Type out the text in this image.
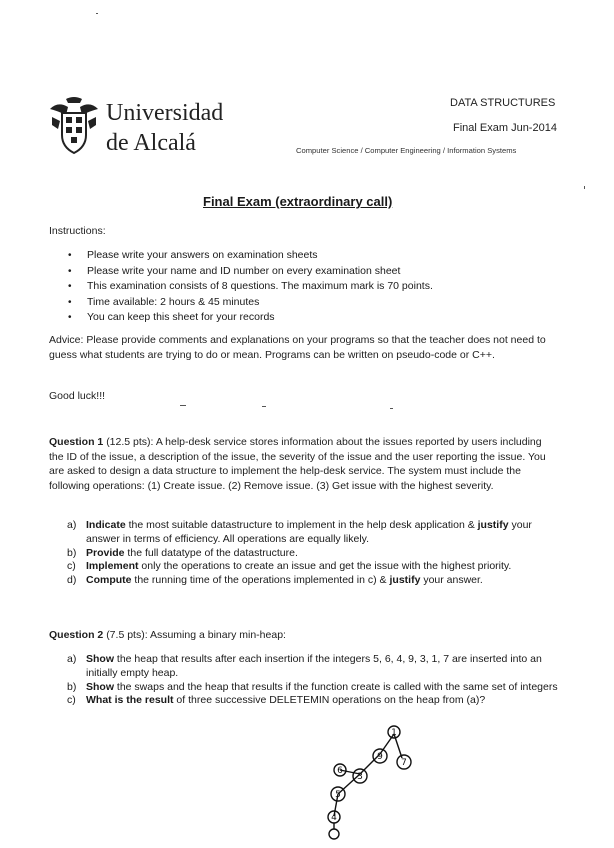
Universidad
de Alcalá
DATA STRUCTURES
Final Exam Jun-2014
Computer Science / Computer Engineering / Information Systems
Final Exam (extraordinary call)
Instructions:
• Please write your answers on examination sheets
• Please write your name and ID number on every examination sheet
• This examination consists of 8 questions. The maximum mark is 70 points.
• Time available: 2 hours & 45 minutes
• You can keep this sheet for your records
Advice: Please provide comments and explanations on your programs so that the teacher does not need to guess what students are trying to do or mean. Programs can be written on pseudo-code or C++.
Good luck!!!
Question 1 (12.5 pts): A help-desk service stores information about the issues reported by users including the ID of the issue, a description of the issue, the severity of the issue and the user reporting the issue. You are asked to design a data structure to implement the help-desk service. The system must include the following operations: (1) Create issue. (2) Remove issue. (3) Get issue with the highest severity.
a) Indicate the most suitable datastructure to implement in the help desk application & justify your answer in terms of efficiency. All operations are equally likely.
b) Provide the full datatype of the datastructure.
c) Implement only the operations to create an issue and get the issue with the highest priority.
d) Compute the running time of the operations implemented in c) & justify your answer.
Question 2 (7.5 pts): Assuming a binary min-heap:
a) Show the heap that results after each insertion if the integers 5, 6, 4, 9, 3, 1, 7 are inserted into an initially empty heap.
b) Show the swaps and the heap that results if the function create is called with the same set of integers
c) What is the result of three successive DELETEMIN operations on the heap from (a)?
1
9
7
3
6
5
4
